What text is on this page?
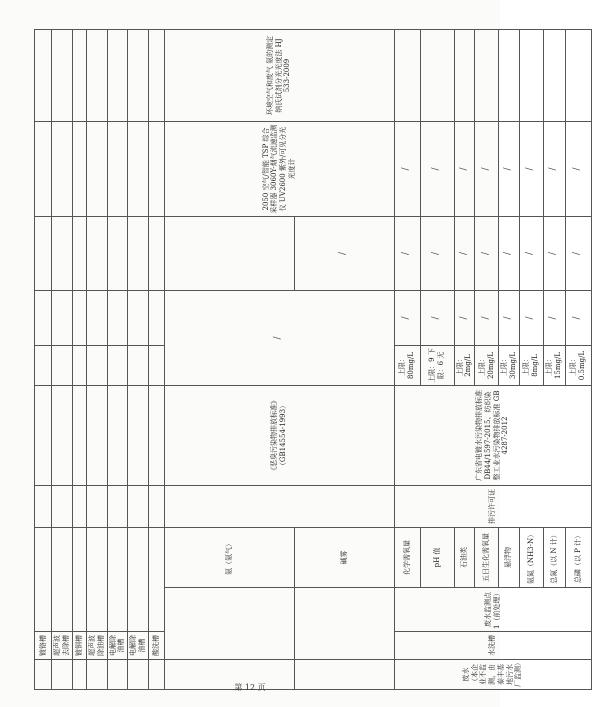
	镀铬槽									
	超声波 去除槽									
	镀铜槽									
	超声波 除油槽									
	电解除 油槽									
	电解除 油槽									
	酸洗槽									
			氨（氨气）		《恶臭污染物排放标准》（GB14554-1993）	/			2050 空气/智能 TSP 综合采样器 3060Y-烟气流速监测仪 UV2600 紫外/可见分光光度计	环境空气和废气 氨的测定 纳氏试剂分光光度法 HJ 533-2009
			碱雾					/		
废水（本企业不监测，由泰丰基地污水厂监测）	水洗槽	废水监测点 1（前处理）	化学需氧量	排污许可证	广东省电镀水污染物排放标准 DB44/1597-2015、纺织染整工业水污染物排放标准 GB 4287-2012	上限：80mg/L	/	/	/	
			pH 值			上限：9 下限：6 无	/	/	/	
			石油类			上限：2mg/L	/	/	/	
			五日生化需氧量			上限：20mg/L	/	/	/	
			悬浮物			上限：30mg/L	/	/	/	
			氨氮（NH3-N）			上限：8mg/L	/	/	/	
			总氮（以 N 计）			上限：15mg/L	/	/	/	
			总磷（以 P 计）			上限：0.5mg/L	/	/	/	
第 12 页
